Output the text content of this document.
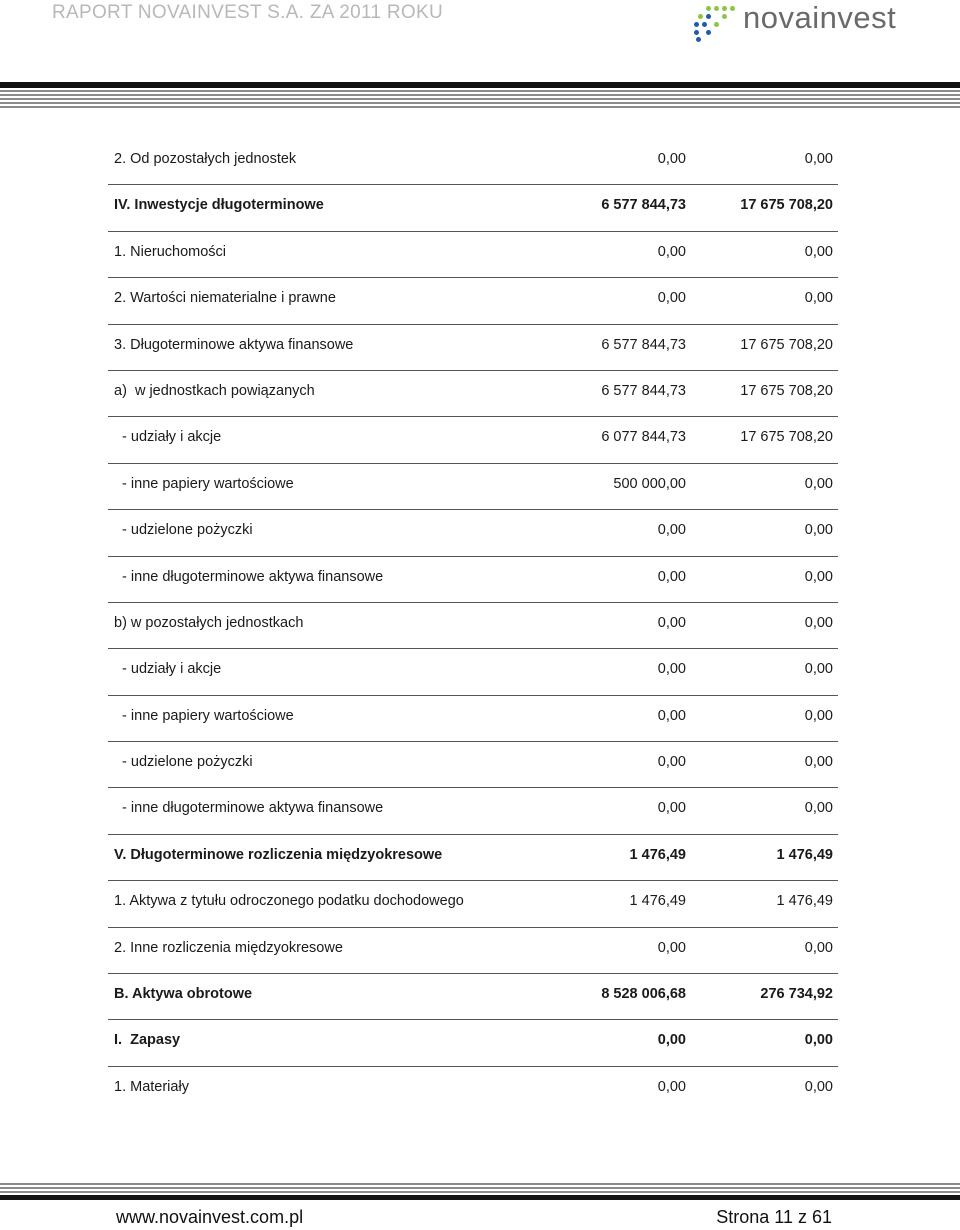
RAPORT NOVAINVEST S.A. ZA 2011 ROKU	novainvest
2. Od pozostałych jednostek	0,00	0,00
IV. Inwestycje długoterminowe	6 577 844,73	17 675 708,20
1. Nieruchomości	0,00	0,00
2. Wartości niematerialne i prawne	0,00	0,00
3. Długoterminowe aktywa finansowe	6 577 844,73	17 675 708,20
a)  w jednostkach powiązanych	6 577 844,73	17 675 708,20
- udziały i akcje	6 077 844,73	17 675 708,20
- inne papiery wartościowe	500 000,00	0,00
- udzielone pożyczki	0,00	0,00
- inne długoterminowe aktywa finansowe	0,00	0,00
b) w pozostałych jednostkach	0,00	0,00
- udziały i akcje	0,00	0,00
- inne papiery wartościowe	0,00	0,00
- udzielone pożyczki	0,00	0,00
- inne długoterminowe aktywa finansowe	0,00	0,00
V. Długoterminowe rozliczenia międzyokresowe	1 476,49	1 476,49
1. Aktywa z tytułu odroczonego podatku dochodowego	1 476,49	1 476,49
2. Inne rozliczenia międzyokresowe	0,00	0,00
B. Aktywa obrotowe	8 528 006,68	276 734,92
I.  Zapasy	0,00	0,00
1. Materiały	0,00	0,00
www.novainvest.com.pl	Strona 11 z 61
